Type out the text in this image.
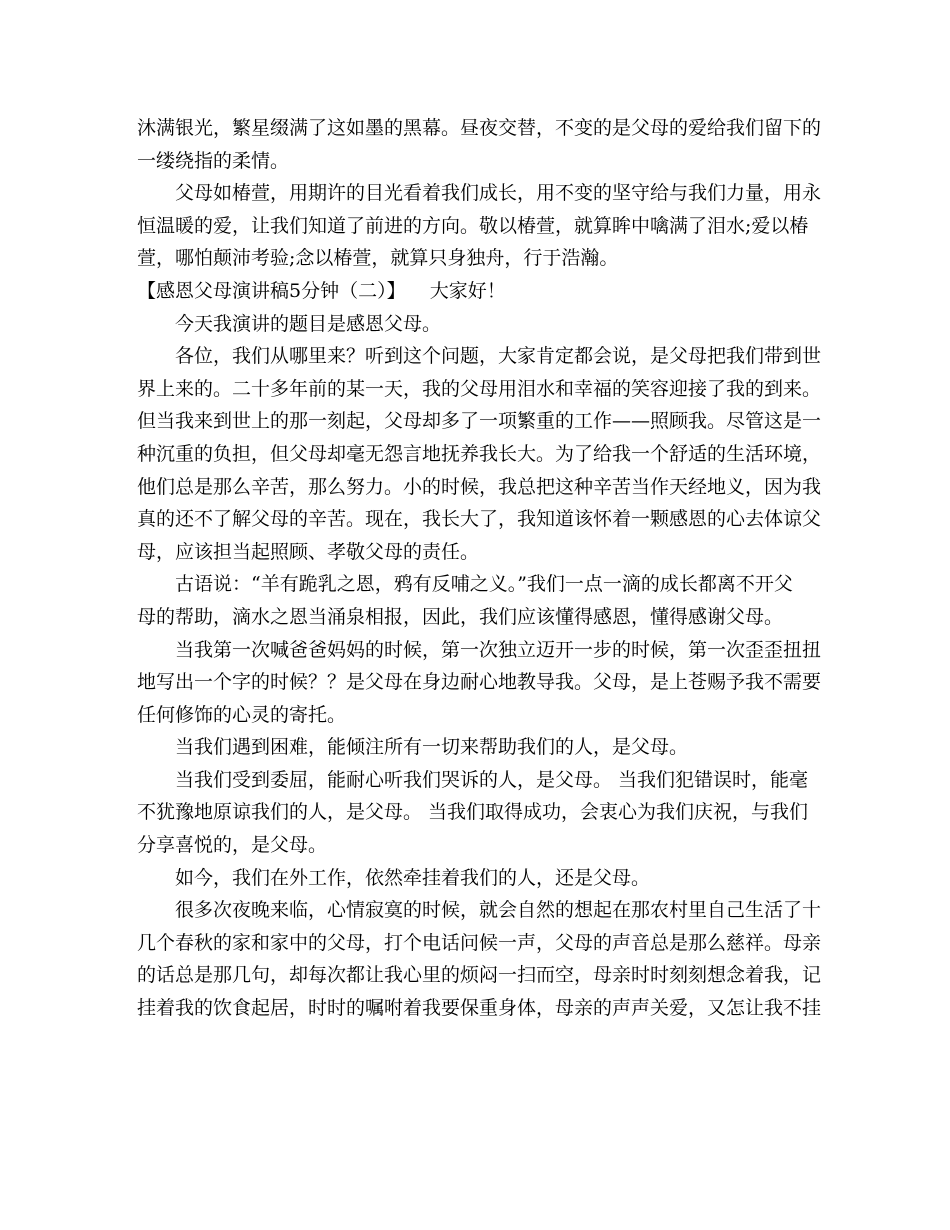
沐满银光，繁星缀满了这如墨的黑幕。昼夜交替，不变的是父母的爱给我们留下的
一缕绕指的柔情。
父母如椿萱，用期许的目光看着我们成长，用不变的坚守给与我们力量，用永
恒温暖的爱，让我们知道了前进的方向。敬以椿萱，就算眸中噙满了泪水;爱以椿
萱，哪怕颠沛考验;念以椿萱，就算只身独舟，行于浩瀚。
【感恩父母演讲稿5分钟（二）】    大家好！
今天我演讲的题目是感恩父母。
各位，我们从哪里来？听到这个问题，大家肯定都会说，是父母把我们带到世
界上来的。二十多年前的某一天，我的父母用泪水和幸福的笑容迎接了我的到来。
但当我来到世上的那一刻起，父母却多了一项繁重的工作——照顾我。尽管这是一
种沉重的负担，但父母却毫无怨言地抚养我长大。为了给我一个舒适的生活环境，
他们总是那么辛苦，那么努力。小的时候，我总把这种辛苦当作天经地义，因为我
真的还不了解父母的辛苦。现在，我长大了，我知道该怀着一颗感恩的心去体谅父
母，应该担当起照顾、孝敬父母的责任。
古语说：“羊有跪乳之恩，鸦有反哺之义。”我们一点一滴的成长都离不开父
母的帮助，滴水之恩当涌泉相报，因此，我们应该懂得感恩，懂得感谢父母。
当我第一次喊爸爸妈妈的时候，第一次独立迈开一步的时候，第一次歪歪扭扭
地写出一个字的时候？？是父母在身边耐心地教导我。父母，是上苍赐予我不需要
任何修饰的心灵的寄托。
当我们遇到困难，能倾注所有一切来帮助我们的人，是父母。
当我们受到委屈，能耐心听我们哭诉的人，是父母。 当我们犯错误时，能毫
不犹豫地原谅我们的人，是父母。 当我们取得成功，会衷心为我们庆祝，与我们
分享喜悦的，是父母。
如今，我们在外工作，依然牵挂着我们的人，还是父母。
很多次夜晚来临，心情寂寞的时候，就会自然的想起在那农村里自己生活了十
几个春秋的家和家中的父母，打个电话问候一声，父母的声音总是那么慈祥。母亲
的话总是那几句，却每次都让我心里的烦闷一扫而空，母亲时时刻刻想念着我，记
挂着我的饮食起居，时时的嘱咐着我要保重身体，母亲的声声关爱，又怎让我不挂
